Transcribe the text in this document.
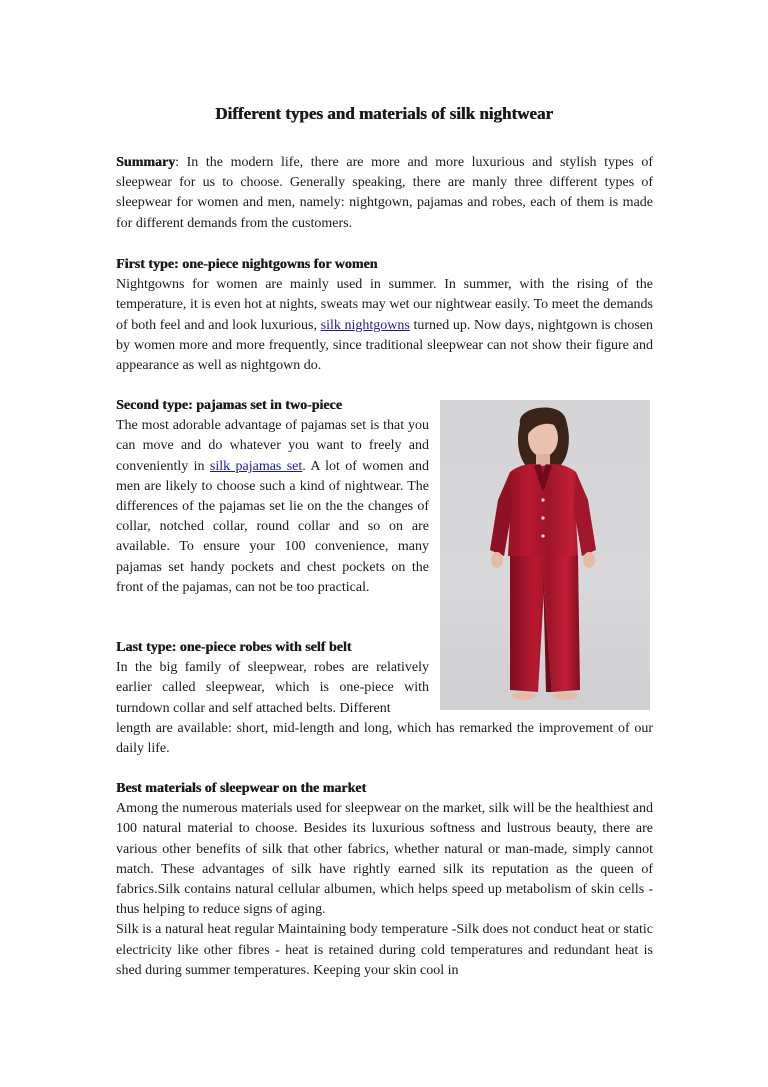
Different types and materials of silk nightwear

Summary: In the modern life, there are more and more luxurious and stylish types of sleepwear for us to choose. Generally speaking, there are manly three different types of sleepwear for women and men, namely: nightgown, pajamas and robes, each of them is made for different demands from the customers.

First type: one-piece nightgowns for women

Nightgowns for women are mainly used in summer. In summer, with the rising of the temperature, it is even hot at nights, sweats may wet our nightwear easily. To meet the demands of both feel and and look luxurious, silk nightgowns turned up. Now days, nightgown is chosen by women more and more frequently, since traditional sleepwear can not show their figure and appearance as well as nightgown do.

Second type: pajamas set in two-piece

The most adorable advantage of pajamas set is that you can move and do whatever you want to freely and conveniently in silk pajamas set. A lot of women and men are likely to choose such a kind of nightwear. The differences of the pajamas set lie on the the changes of collar, notched collar, round collar and so on are available. To ensure your 100 convenience, many pajamas set handy pockets and chest pockets on the front of the pajamas, can not be too practical.

Last type: one-piece robes with self belt

In the big family of sleepwear, robes are relatively earlier called sleepwear, which is one-piece with turndown collar and self attached belts. Different

length are available: short, mid-length and long, which has remarked the improvement of our daily life.

Best materials of sleepwear on the market

Among the numerous materials used for sleepwear on the market, silk will be the healthiest and 100 natural material to choose. Besides its luxurious softness and lustrous beauty, there are various other benefits of silk that other fabrics, whether natural or man-made, simply cannot match. These advantages of silk have rightly earned silk its reputation as the queen of fabrics.Silk contains natural cellular albumen, which helps speed up metabolism of skin cells - thus helping to reduce signs of aging.

Silk is a natural heat regular Maintaining body temperature -Silk does not conduct heat or static electricity like other fibres - heat is retained during cold temperatures and redundant heat is shed during summer temperatures. Keeping your skin cool in
